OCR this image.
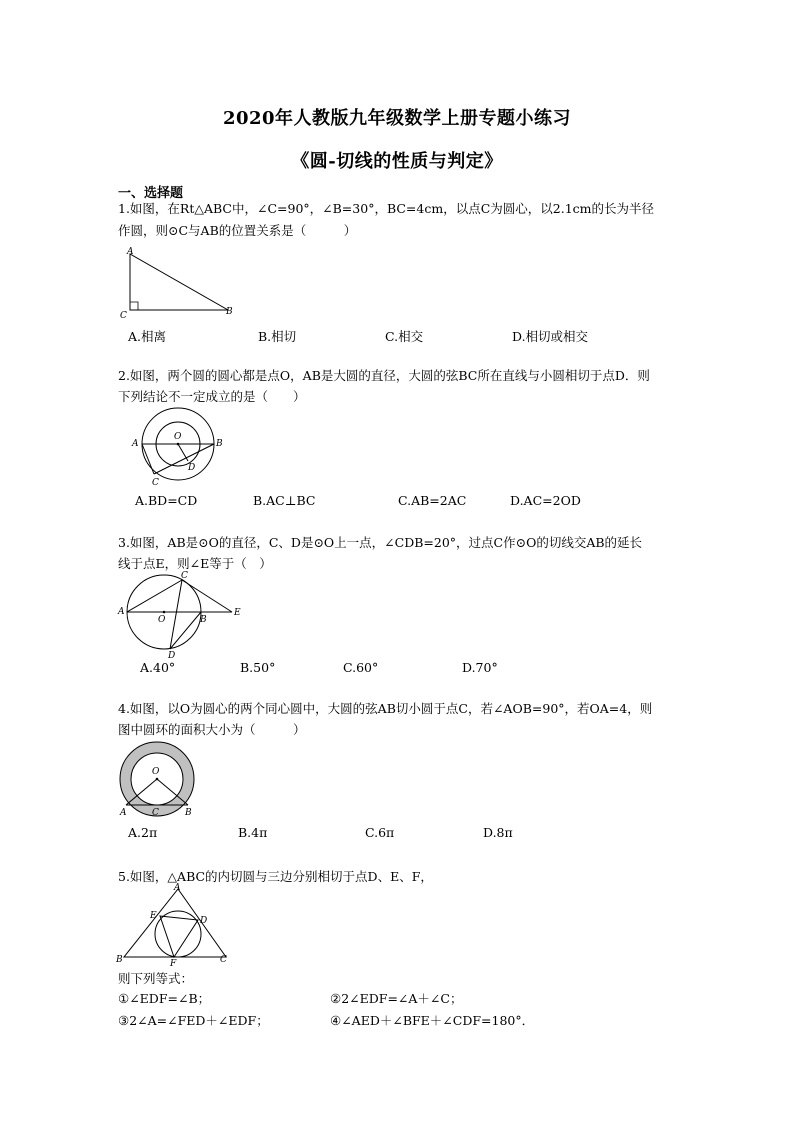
2020年人教版九年级数学上册专题小练习
《圆-切线的性质与判定》
一、选择题
1.如图，在Rt△ABC中，∠C=90°，∠B=30°，BC=4cm，以点C为圆心，以2.1cm的长为半径
作圆，则⊙C与AB的位置关系是（　　　）
A
C	B
A.相离	B.相切	C.相交	D.相切或相交
2.如图，两个圆的圆心都是点O，AB是大圆的直径，大圆的弦BC所在直线与小圆相切于点D．则
下列结论不一定成立的是（　　）
A
O
B
D
C
A.BD=CD	B.AC⊥BC	C.AB=2AC	D.AC=2OD
3.如图，AB是⊙O的直径，C、D是⊙O上一点，∠CDB=20°，过点C作⊙O的切线交AB的延长
线于点E，则∠E等于（　）
C
A
O	B
E
D
A.40°	B.50°	C.60°	D.70°
4.如图，以O为圆心的两个同心圆中，大圆的弦AB切小圆于点C，若∠AOB=90°，若OA=4，则
图中圆环的面积大小为（　　　）
O
A	C	B
A.2π	B.4π	C.6π	D.8π
5.如图，△ABC的内切圆与三边分别相切于点D、E、F，
A
E	D
B	F	C
则下列等式：
①∠EDF=∠B；	②2∠EDF=∠A＋∠C；
③2∠A=∠FED＋∠EDF；	④∠AED＋∠BFE＋∠CDF=180°．
